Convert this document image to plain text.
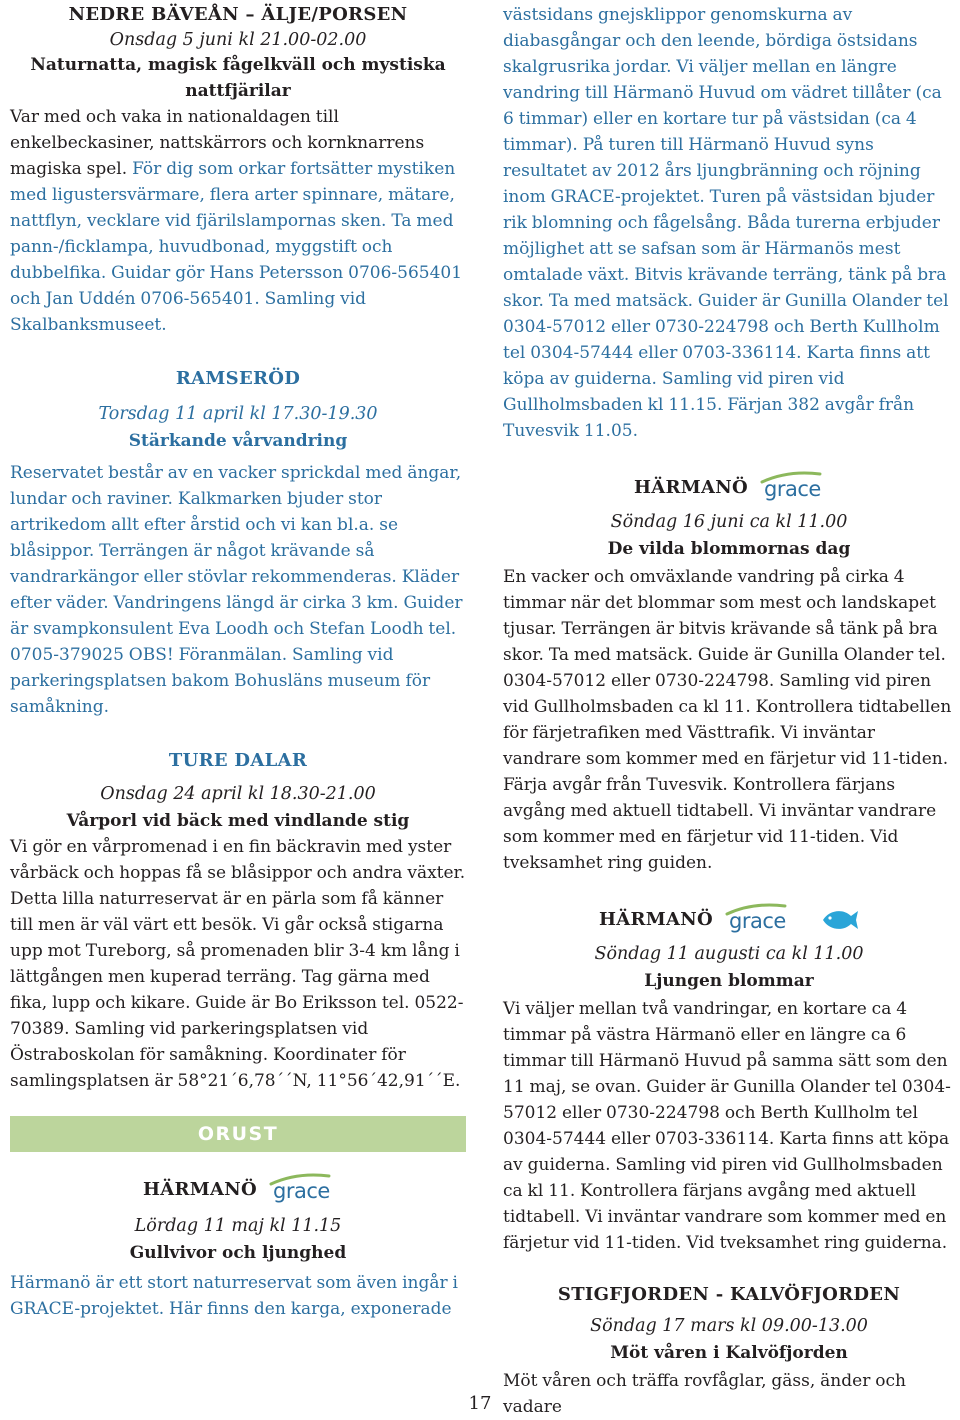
NEDRE BÄVEÅN – ÄLJE/PORSEN

Onsdag 5 juni kl 21.00-02.00

Naturnatta, magisk fågelkväll och mystiska
nattfjärilar

Var med och vaka in nationaldagen till enkelbeckasiner, nattskärrors och kornknarrens magiska spel. För dig som orkar fortsätter mystiken med ligustersvärmare, flera arter spinnare, mätare, nattflyn, vecklare vid fjärilslampornas sken. Ta med pann-/ficklampa, huvudbonad, myggstift och dubbelfika. Guidar gör Hans Petersson 0706-565401 och Jan Uddén 0706-565401. Samling vid Skalbanksmuseet.

RAMSERÖD

Torsdag 11 april kl 17.30-19.30

Stärkande vårvandring

Reservatet består av en vacker sprickdal med ängar, lundar och raviner. Kalkmarken bjuder stor artrikedom allt efter årstid och vi kan bl.a. se blåsippor. Terrängen är något krävande så vandrarkängor eller stövlar rekommenderas. Kläder efter väder. Vandringens längd är cirka 3 km. Guider är svampkonsulent Eva Loodh och Stefan Loodh tel. 0705-379025 OBS! Föranmälan. Samling vid parkeringsplatsen bakom Bohusläns museum för samåkning.

TURE DALAR

Onsdag 24 april kl 18.30-21.00

Vårporl vid bäck med vindlande stig

Vi gör en vårpromenad i en fin bäckravin med yster vårbäck och hoppas få se blåsippor och andra växter. Detta lilla naturreservat är en pärla som få känner till men är väl värt ett besök. Vi går också stigarna upp mot Tureborg, så promenaden blir 3-4 km lång i lättgången men kuperad terräng. Tag gärna med fika, lupp och kikare. Guide är Bo Eriksson tel. 0522-70389. Samling vid parkeringsplatsen vid Östraboskolan för samåkning. Koordinater för samlingsplatsen är 58°21´6,78´´N, 11°56´42,91´´E.

ORUST
HÄRMANÖ grace

Lördag 11 maj kl 11.15

Gullvivor och ljunghed

Härmanö är ett stort naturreservat som även ingår i GRACE-projektet. Här finns den karga, exponerade

västsidans gnejsklippor genomskurna av diabasgångar och den leende, bördiga östsidans skalgrusrika jordar. Vi väljer mellan en längre vandring till Härmanö Huvud om vädret tillåter (ca 6 timmar) eller en kortare tur på västsidan (ca 4 timmar). På turen till Härmanö Huvud syns resultatet av 2012 års ljungbränning och röjning inom GRACE-projektet. Turen på västsidan bjuder rik blomning och fågelsång. Båda turerna erbjuder möjlighet att se safsan som är Härmanös mest omtalade växt. Bitvis krävande terräng, tänk på bra skor. Ta med matsäck. Guider är Gunilla Olander tel 0304-57012 eller 0730-224798 och Berth Kullholm tel 0304-57444 eller 0703-336114. Karta finns att köpa av guiderna. Samling vid piren vid Gullholmsbaden kl 11.15. Färjan 382 avgår från Tuvesvik 11.05.

HÄRMANÖ grace

Söndag 16 juni ca kl 11.00

De vilda blommornas dag

En vacker och omväxlande vandring på cirka 4 timmar när det blommar som mest och landskapet tjusar. Terrängen är bitvis krävande så tänk på bra skor. Ta med matsäck. Guide är Gunilla Olander tel. 0304-57012 eller 0730-224798. Samling vid piren vid Gullholmsbaden ca kl 11. Kontrollera tidtabellen för färjetrafiken med Västtrafik. Vi inväntar vandrare som kommer med en färjetur vid 11-tiden. Färja avgår från Tuvesvik. Kontrollera färjans avgång med aktuell tidtabell. Vi inväntar vandrare som kommer med en färjetur vid 11-tiden. Vid tveksamhet ring guiden.

HÄRMANÖ grace

Söndag 11 augusti ca kl 11.00

Ljungen blommar

Vi väljer mellan två vandringar, en kortare ca 4 timmar på västra Härmanö eller en längre ca 6 timmar till Härmanö Huvud på samma sätt som den 11 maj, se ovan. Guider är Gunilla Olander tel 0304-57012 eller 0730-224798 och Berth Kullholm tel 0304-57444 eller 0703-336114. Karta finns att köpa av guiderna. Samling vid piren vid Gullholmsbaden ca kl 11. Kontrollera färjans avgång med aktuell tidtabell. Vi inväntar vandrare som kommer med en färjetur vid 11-tiden. Vid tveksamhet ring guiderna.

STIGFJORDEN - KALVÖFJORDEN

Söndag 17 mars kl 09.00-13.00

Möt våren i Kalvöfjorden

Möt våren och träffa rovfåglar, gäss, änder och vadare

17
